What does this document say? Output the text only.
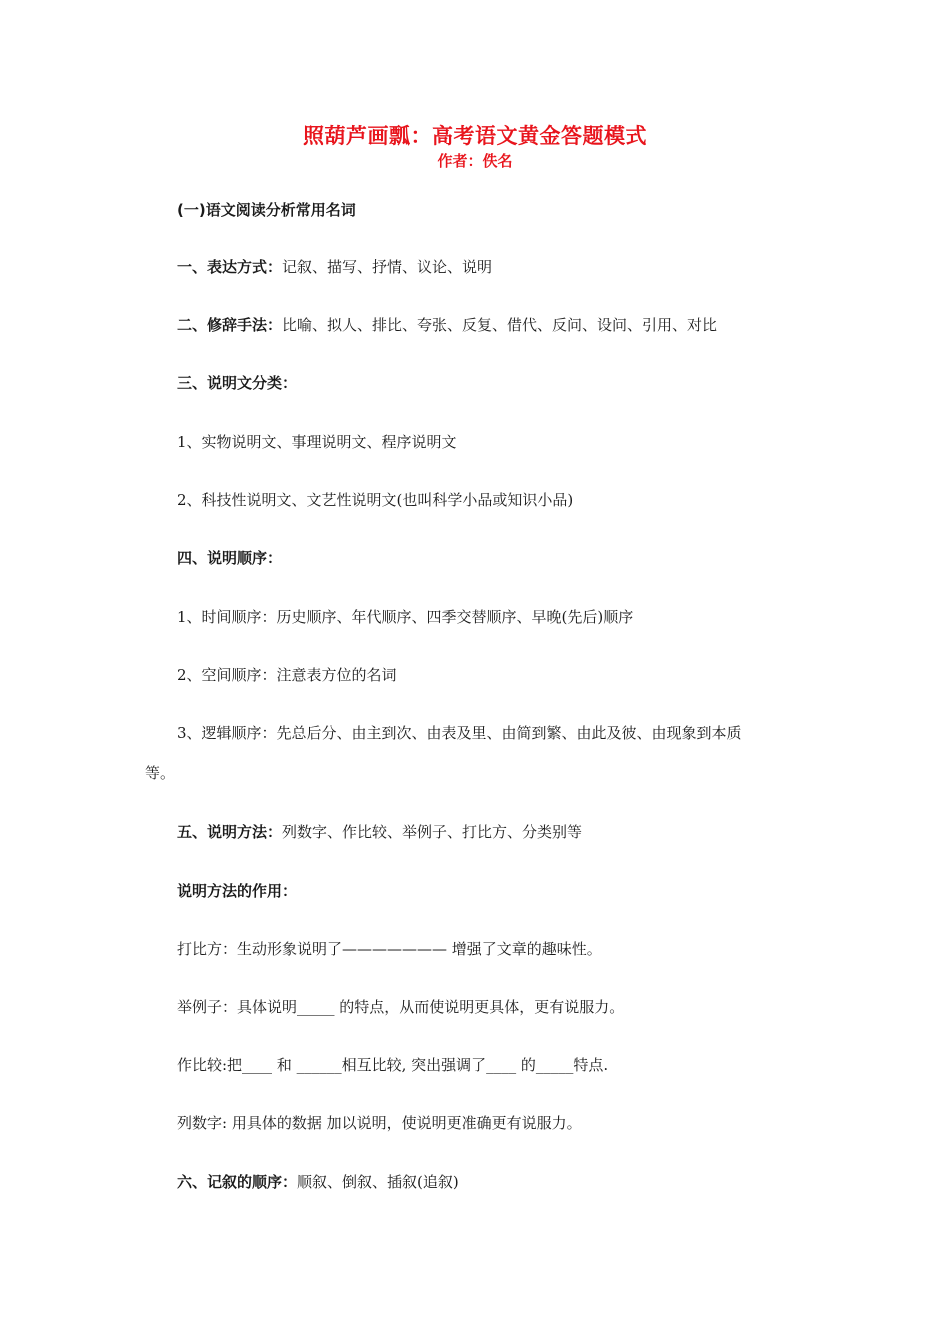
照葫芦画瓢：高考语文黄金答题模式
作者：佚名
(一)语文阅读分析常用名词
一、表达方式：记叙、描写、抒情、议论、说明
二、修辞手法：比喻、拟人、排比、夸张、反复、借代、反问、设问、引用、对比
三、说明文分类：
1、实物说明文、事理说明文、程序说明文
2、科技性说明文、文艺性说明文(也叫科学小品或知识小品)
四、说明顺序：
1、时间顺序：历史顺序、年代顺序、四季交替顺序、早晚(先后)顺序
2、空间顺序：注意表方位的名词
3、逻辑顺序：先总后分、由主到次、由表及里、由简到繁、由此及彼、由现象到本质
等。
五、说明方法：列数字、作比较、举例子、打比方、分类别等
说明方法的作用：
打比方：生动形象说明了——————— 增强了文章的趣味性。
举例子：具体说明_____ 的特点，从而使说明更具体，更有说服力。
作比较:把____ 和 ______相互比较, 突出强调了____ 的_____特点.
列数字: 用具体的数据 加以说明，使说明更准确更有说服力。
六、记叙的顺序：顺叙、倒叙、插叙(追叙)
